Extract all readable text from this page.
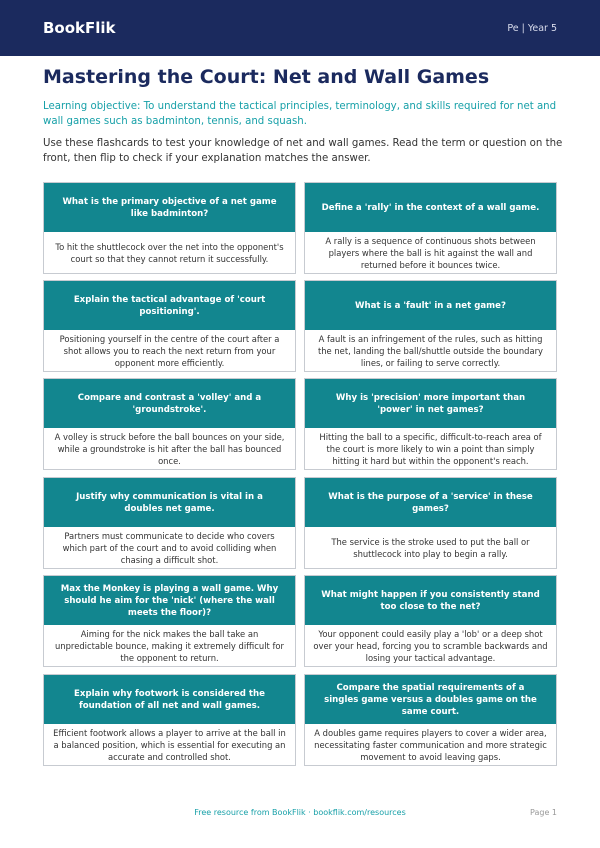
BookFlik	Pe | Year 5
Mastering the Court: Net and Wall Games

Learning objective: To understand the tactical principles, terminology, and skills required for net and wall games such as badminton, tennis, and squash.

Use these flashcards to test your knowledge of net and wall games. Read the term or question on the front, then flip to check if your explanation matches the answer.

What is the primary objective of a net game like badminton?
To hit the shuttlecock over the net into the opponent's court so that they cannot return it successfully.
Define a 'rally' in the context of a wall game.
A rally is a sequence of continuous shots between players where the ball is hit against the wall and returned before it bounces twice.
Explain the tactical advantage of 'court positioning'.
Positioning yourself in the centre of the court after a shot allows you to reach the next return from your opponent more efficiently.
What is a 'fault' in a net game?
A fault is an infringement of the rules, such as hitting the net, landing the ball/shuttle outside the boundary lines, or failing to serve correctly.
Compare and contrast a 'volley' and a 'groundstroke'.
A volley is struck before the ball bounces on your side, while a groundstroke is hit after the ball has bounced once.
Why is 'precision' more important than 'power' in net games?
Hitting the ball to a specific, difficult-to-reach area of the court is more likely to win a point than simply hitting it hard but within the opponent's reach.
Justify why communication is vital in a doubles net game.
Partners must communicate to decide who covers which part of the court and to avoid colliding when chasing a difficult shot.
What is the purpose of a 'service' in these games?
The service is the stroke used to put the ball or shuttlecock into play to begin a rally.
Max the Monkey is playing a wall game. Why should he aim for the 'nick' (where the wall meets the floor)?
Aiming for the nick makes the ball take an unpredictable bounce, making it extremely difficult for the opponent to return.
What might happen if you consistently stand too close to the net?
Your opponent could easily play a 'lob' or a deep shot over your head, forcing you to scramble backwards and losing your tactical advantage.
Explain why footwork is considered the foundation of all net and wall games.
Efficient footwork allows a player to arrive at the ball in a balanced position, which is essential for executing an accurate and controlled shot.
Compare the spatial requirements of a singles game versus a doubles game on the same court.
A doubles game requires players to cover a wider area, necessitating faster communication and more strategic movement to avoid leaving gaps.
Free resource from BookFlik · bookflik.com/resources	Page 1
